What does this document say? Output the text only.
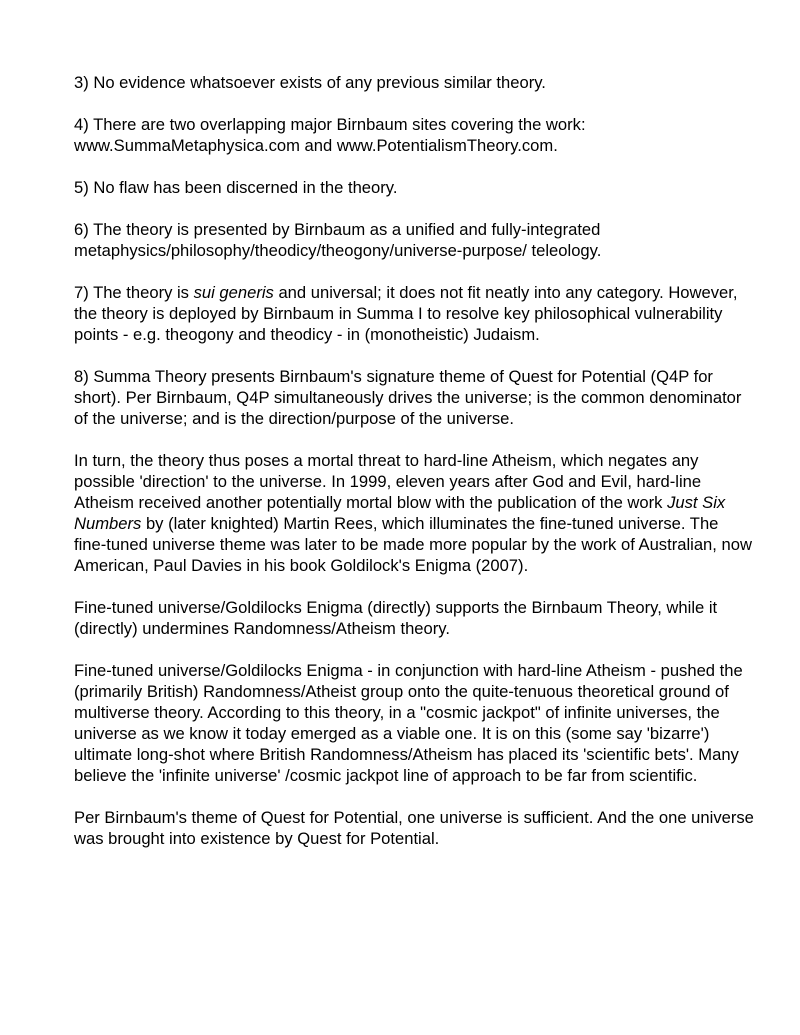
3) No evidence whatsoever exists of any previous similar theory.

4) There are two overlapping major Birnbaum sites covering the work:
www.SummaMetaphysica.com and www.PotentialismTheory.com.

5) No flaw has been discerned in the theory.

6) The theory is presented by Birnbaum as a unified and fully-integrated metaphysics/philosophy/theodicy/theogony/universe-purpose/ teleology.

7) The theory is sui generis and universal; it does not fit neatly into any category. However, the theory is deployed by Birnbaum in Summa I to resolve key philosophical vulnerability points - e.g. theogony and theodicy - in (monotheistic) Judaism.

8) Summa Theory presents Birnbaum's signature theme of Quest for Potential (Q4P for short). Per Birnbaum, Q4P simultaneously drives the universe; is the common denominator of the universe; and is the direction/purpose of the universe.

In turn, the theory thus poses a mortal threat to hard-line Atheism, which negates any possible 'direction' to the universe. In 1999, eleven years after God and Evil, hard-line Atheism received another potentially mortal blow with the publication of the work Just Six Numbers by (later knighted) Martin Rees, which illuminates the fine-tuned universe. The fine-tuned universe theme was later to be made more popular by the work of Australian, now American, Paul Davies in his book Goldilock's Enigma (2007).

Fine-tuned universe/Goldilocks Enigma (directly) supports the Birnbaum Theory, while it (directly) undermines Randomness/Atheism theory.

Fine-tuned universe/Goldilocks Enigma - in conjunction with hard-line Atheism - pushed the (primarily British) Randomness/Atheist group onto the quite-tenuous theoretical ground of multiverse theory. According to this theory, in a "cosmic jackpot" of infinite universes, the universe as we know it today emerged as a viable one. It is on this (some say 'bizarre') ultimate long-shot where British Randomness/Atheism has placed its 'scientific bets'. Many believe the 'infinite universe' /cosmic jackpot line of approach to be far from scientific.

Per Birnbaum's theme of Quest for Potential, one universe is sufficient. And the one universe was brought into existence by Quest for Potential.
